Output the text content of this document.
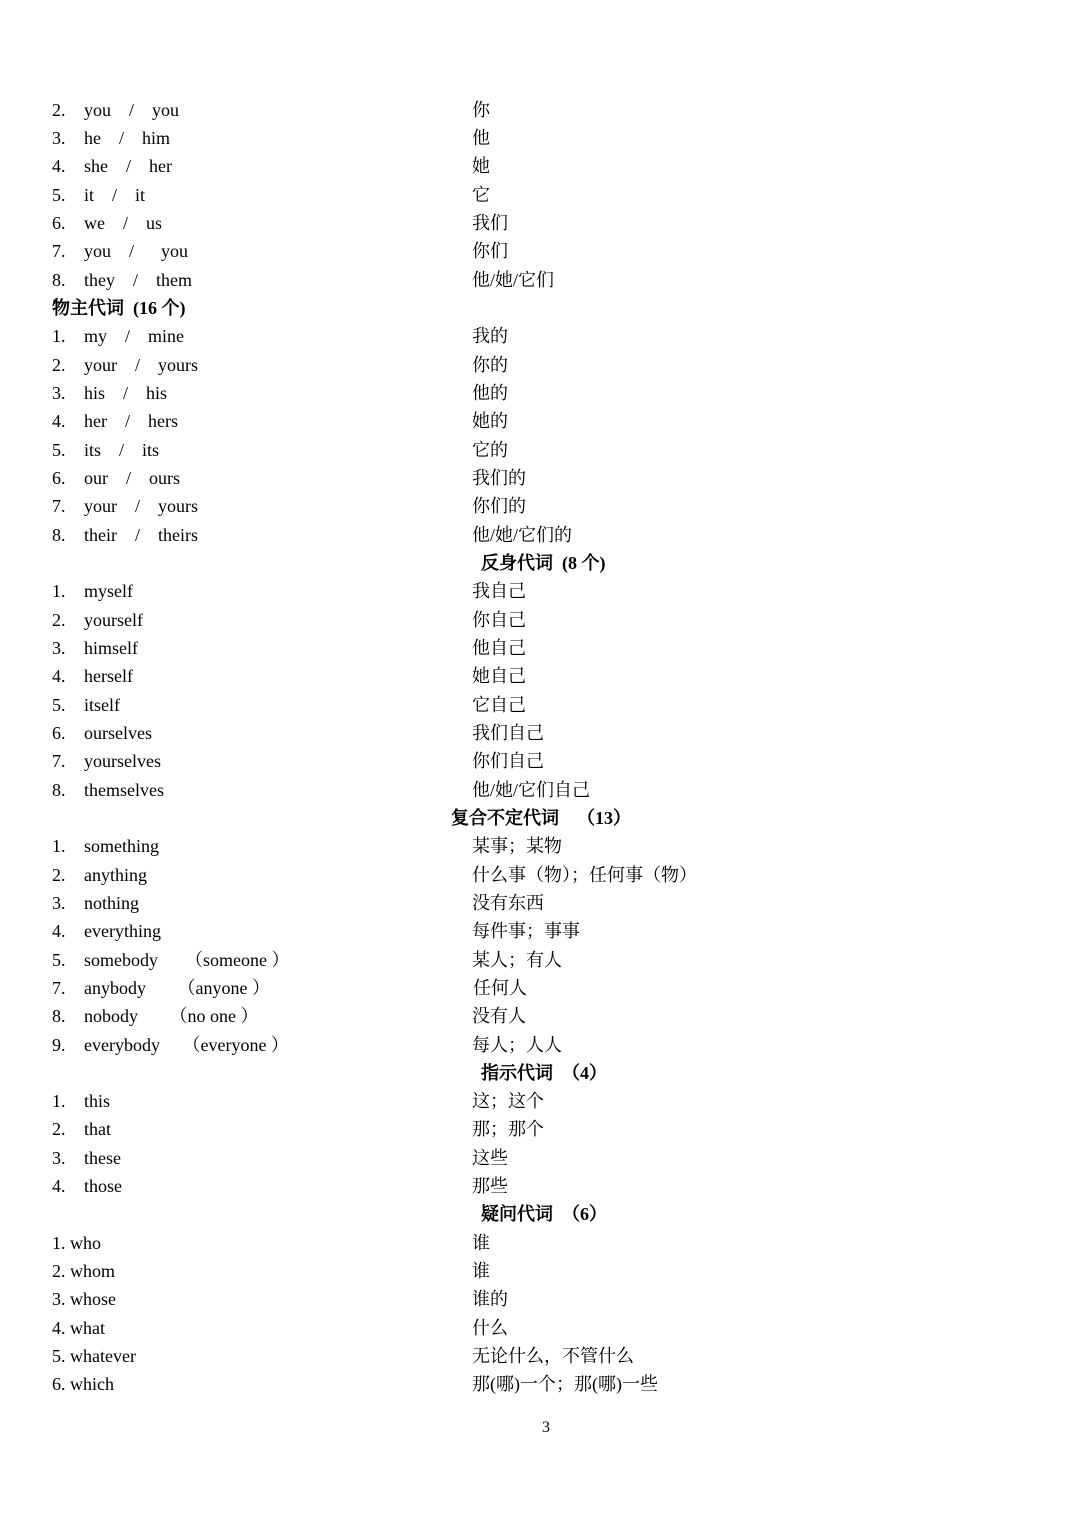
2. you    /    you	你
3. he    /    him	他
4. she    /    her	她
5. it    /    it	它
6. we    /    us	我们
7. you    /      you	你们
8. they    /    them	他/她/它们
物主代词  (16 个)
1. my    /    mine	我的
2. your    /    yours	你的
3. his    /    his	他的
4. her    /    hers	她的
5. its    /    its	它的
6. our    /    ours	我们的
7. your    /    yours	你们的
8. their    /    theirs	他/她/它们的
反身代词  (8 个)
1. myself	我自己
2. yourself	你自己
3. himself	他自己
4. herself	她自己
5. itself	它自己
6. ourselves	我们自己
7. yourselves	你们自己
8. themselves	他/她/它们自己
复合不定代词    （13）
1. something	某事；某物
2. anything	什么事（物）；任何事（物）
3. nothing	没有东西
4. everything	每件事；事事
5. somebody      （someone ）	某人；有人
7. anybody       （anyone ）	任何人
8. nobody       （no one ）	没有人
9. everybody     （everyone ）	每人；人人
指示代词  （4）
1. this	这；这个
2. that	那；那个
3. these	这些
4. those	那些
疑问代词  （6）
1. who	谁
2. whom	谁
3. whose	谁的
4. what	什么
5. whatever	无论什么，不管什么
6. which	那(哪)一个；那(哪)一些
3
